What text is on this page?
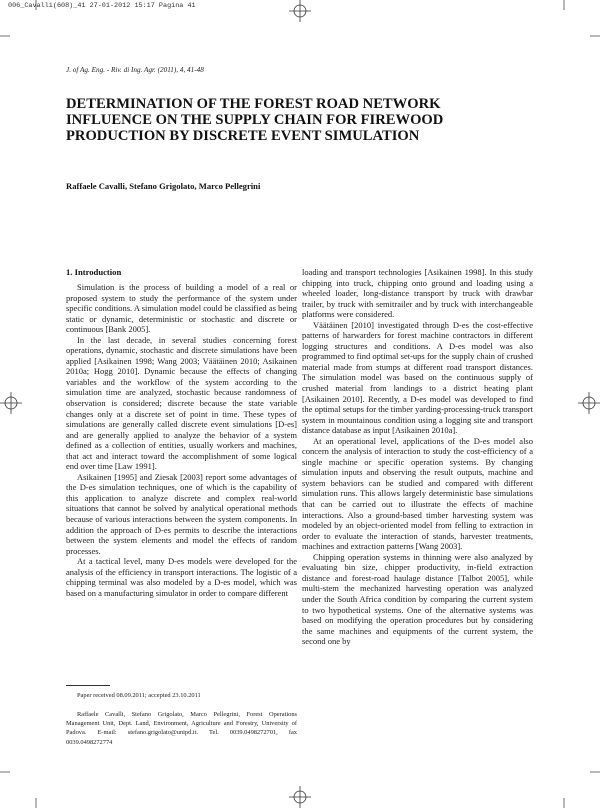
006_Cavalli(608)_41 27-01-2012 15:17 Pagina 41
J. of Ag. Eng. - Riv. di Ing. Agr. (2011), 4, 41-48
DETERMINATION OF THE FOREST ROAD NETWORK
INFLUENCE ON THE SUPPLY CHAIN FOR FIREWOOD
PRODUCTION BY DISCRETE EVENT SIMULATION
Raffaele Cavalli, Stefano Grigolato, Marco Pellegrini
1. Introduction

Simulation is the process of building a model of a real or proposed system to study the performance of the system under specific conditions. A simulation model could be classified as being static or dynamic, deterministic or stochastic and discrete or continuous [Bank 2005].

In the last decade, in several studies concerning forest operations, dynamic, stochastic and discrete simulations have been applied [Asikainen 1998; Wang 2003; Väätäinen 2010; Asikainen 2010a; Hogg 2010]. Dynamic because the effects of changing variables and the workflow of the system according to the simulation time are analyzed, stochastic because randomness of observation is considered; discrete because the state variable changes only at a discrete set of point in time. These types of simulations are generally called discrete event simulations [D-es] and are generally applied to analyze the behavior of a system defined as a collection of entities, usually workers and machines, that act and interact toward the accomplishment of some logical end over time [Law 1991].

Asikainen [1995] and Ziesak [2003] report some advantages of the D-es simulation techniques, one of which is the capability of this application to analyze discrete and complex real-world situations that cannot be solved by analytical operational methods because of various interactions between the system components. In addition the approach of D-es permits to describe the interactions between the system elements and model the effects of random processes.

At a tactical level, many D-es models were developed for the analysis of the efficiency in transport interactions. The logistic of a chipping terminal was also modeled by a D-es model, which was based on a manufacturing simulator in order to compare different

loading and transport technologies [Asikainen 1998]. In this study chipping into truck, chipping onto ground and loading using a wheeled loader, long-distance transport by truck with drawbar trailer, by truck with semitrailer and by truck with interchangeable platforms were considered.

Väätäinen [2010] investigated through D-es the cost-effective patterns of harwarders for forest machine contractors in different logging structures and conditions. A D-es model was also programmed to find optimal set-ups for the supply chain of crushed material made from stumps at different road transport distances. The simulation model was based on the continuous supply of crushed material from landings to a district heating plant [Asikainen 2010]. Recently, a D-es model was developed to find the optimal setups for the timber yarding-processing-truck transport system in mountainous condition using a logging site and transport distance database as input [Asikainen 2010a].

At an operational level, applications of the D-es model also concern the analysis of interaction to study the cost-efficiency of a single machine or specific operation systems. By changing simulation inputs and observing the result outputs, machine and system behaviors can be studied and compared with different simulation runs. This allows largely deterministic base simulations that can be carried out to illustrate the effects of machine interactions. Also a ground-based timber harvesting system was modeled by an object-oriented model from felling to extraction in order to evaluate the interaction of stands, harvester treatments, machines and extraction patterns [Wang 2003].

Chipping operation systems in thinning were also analyzed by evaluating bin size, chipper productivity, in-field extraction distance and forest-road haulage distance [Talbot 2005], while multi-stem the mechanized harvesting operation was analyzed under the South Africa condition by comparing the current system to two hypothetical systems. One of the alternative systems was based on modifying the operation procedures but by considering the same machines and equipments of the current system, the second one by

Paper received 08.09.2011; accepted 23.10.2011

Raffaele Cavalli, Stefano Grigolato, Marco Pellegrini, Forest Operations Management Unit, Dept. Land, Environment, Agriculture and Forestry, University of Padova. E-mail: stefano.grigolato@unipd.it. Tel. 0039.0498272701, fax 0039.0498272774
